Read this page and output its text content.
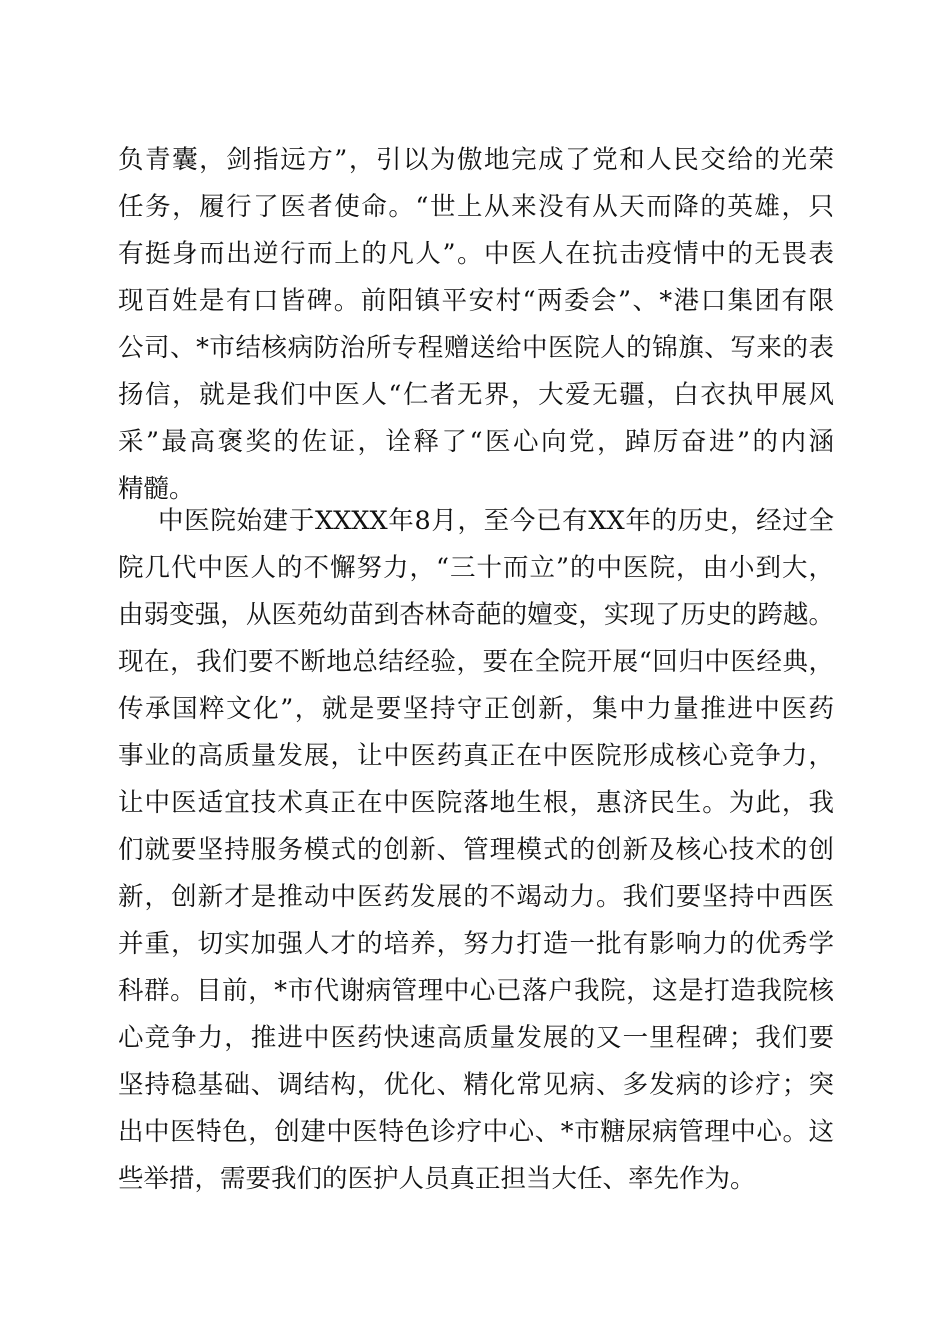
负青囊，剑指远方”，引以为傲地完成了党和人民交给的光荣
任务，履行了医者使命。“世上从来没有从天而降的英雄，只
有挺身而出逆行而上的凡人”。中医人在抗击疫情中的无畏表
现百姓是有口皆碑。前阳镇平安村“两委会”、*港口集团有限
公司、*市结核病防治所专程赠送给中医院人的锦旗、写来的表
扬信，就是我们中医人“仁者无界，大爱无疆，白衣执甲展风
采”最高褒奖的佐证，诠释了“医心向党，踔厉奋进”的内涵
精髓。
中医院始建于XXXX年8月，至今已有XX年的历史，经过全
院几代中医人的不懈努力，“三十而立”的中医院，由小到大，
由弱变强，从医苑幼苗到杏林奇葩的嬗变，实现了历史的跨越。
现在，我们要不断地总结经验，要在全院开展“回归中医经典，
传承国粹文化”，就是要坚持守正创新，集中力量推进中医药
事业的高质量发展，让中医药真正在中医院形成核心竞争力，
让中医适宜技术真正在中医院落地生根，惠济民生。为此，我
们就要坚持服务模式的创新、管理模式的创新及核心技术的创
新，创新才是推动中医药发展的不竭动力。我们要坚持中西医
并重，切实加强人才的培养，努力打造一批有影响力的优秀学
科群。目前，*市代谢病管理中心已落户我院，这是打造我院核
心竞争力，推进中医药快速高质量发展的又一里程碑；我们要
坚持稳基础、调结构，优化、精化常见病、多发病的诊疗；突
出中医特色，创建中医特色诊疗中心、*市糖尿病管理中心。这
些举措，需要我们的医护人员真正担当大任、率先作为。
